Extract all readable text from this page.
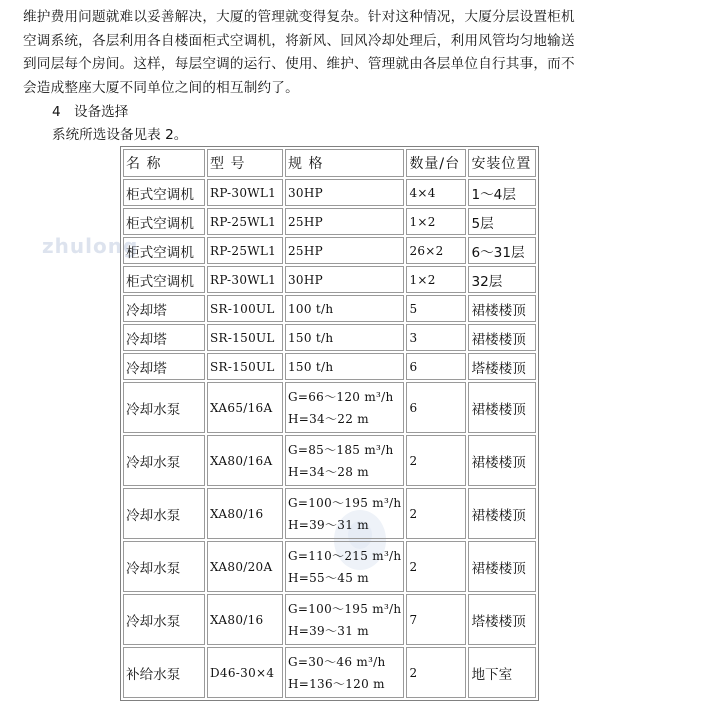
zhulong
维护费用问题就难以妥善解决，大厦的管理就变得复杂。针对这种情况，大厦分层设置柜机
空调系统，各层利用各自楼面柜式空调机，将新风、回风冷却处理后，利用风管均匀地输送
到同层每个房间。这样，每层空调的运行、使用、维护、管理就由各层单位自行其事，而不
会造成整座大厦不同单位之间的相互制约了。
4 设备选择
系统所选设备见表 2。
名 称	型 号	规 格	数量/台	安装位置
柜式空调机	RP-30WL1	30HP	4×4	1～4层
柜式空调机	RP-25WL1	25HP	1×2	5层
柜式空调机	RP-25WL1	25HP	26×2	6～31层
柜式空调机	RP-30WL1	30HP	1×2	32层
冷却塔	SR-100UL	100 t/h	5	裙楼楼顶
冷却塔	SR-150UL	150 t/h	3	裙楼楼顶
冷却塔	SR-150UL	150 t/h	6	塔楼楼顶
冷却水泵	XA65/16A	G=66～120 m³/h
H=34～22 m	6	裙楼楼顶
冷却水泵	XA80/16A	G=85～185 m³/h
H=34～28 m	2	裙楼楼顶
冷却水泵	XA80/16	G=100～195 m³/h
H=39～31 m	2	裙楼楼顶
冷却水泵	XA80/20A	G=110～215 m³/h
H=55～45 m	2	裙楼楼顶
冷却水泵	XA80/16	G=100～195 m³/h
H=39～31 m	7	塔楼楼顶
补给水泵	D46-30×4	G=30～46 m³/h
H=136～120 m	2	地下室
